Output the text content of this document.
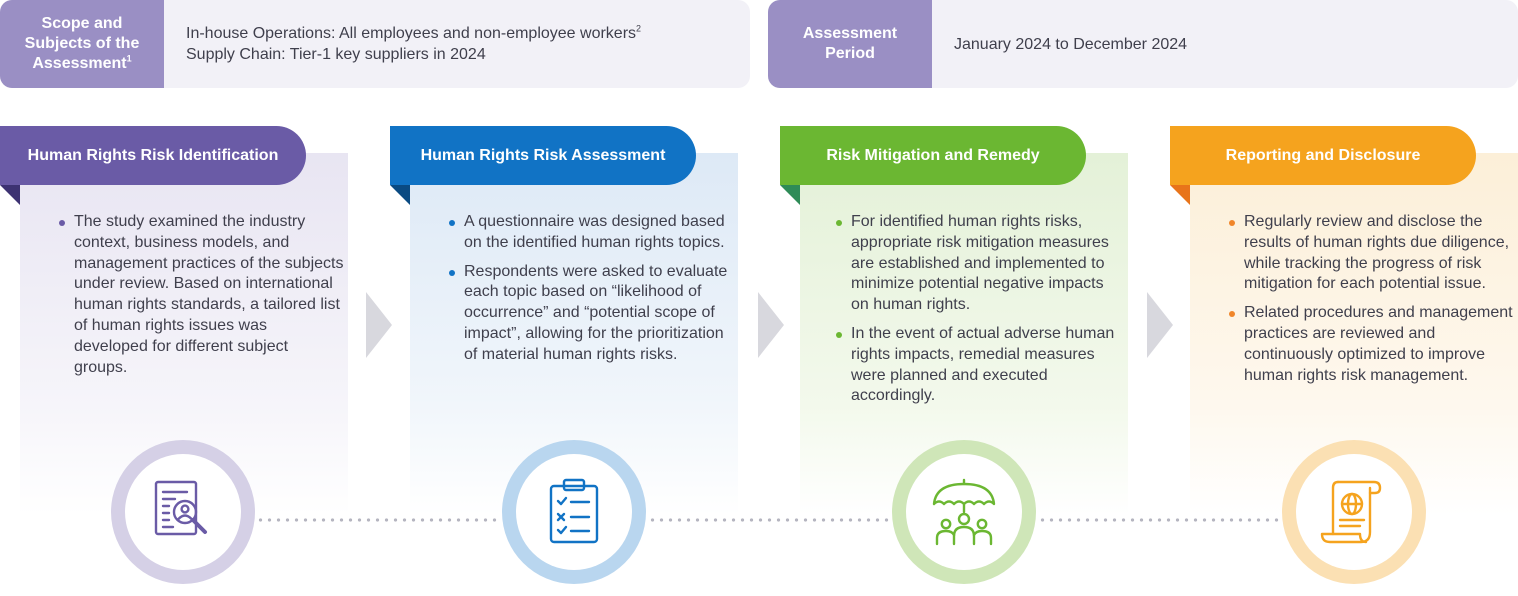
Scope and
Subjects of the
Assessment$^1$
In-house Operations: All employees and non-employee workers$^2$
Supply Chain: Tier-1 key suppliers in 2024
Assessment
Period
January 2024 to December 2024
Human Rights Risk Identification
The study examined the industry context, business models, and management practices of the subjects under review. Based on international human rights standards, a tailored list of human rights issues was developed for different subject groups.
Human Rights Risk Assessment
A questionnaire was designed based on the identified human rights topics.
Respondents were asked to evaluate each topic based on “likelihood of occurrence” and “potential scope of impact”, allowing for the prioritization of material human rights risks.
Risk Mitigation and Remedy
For identified human rights risks, appropriate risk mitigation measures are established and implemented to minimize potential negative impacts on human rights.
In the event of actual adverse human rights impacts, remedial measures were planned and executed accordingly.
Reporting and Disclosure
Regularly review and disclose the results of human rights due diligence, while tracking the progress of risk mitigation for each potential issue.
Related procedures and management practices are reviewed and continuously optimized to improve human rights risk management.
